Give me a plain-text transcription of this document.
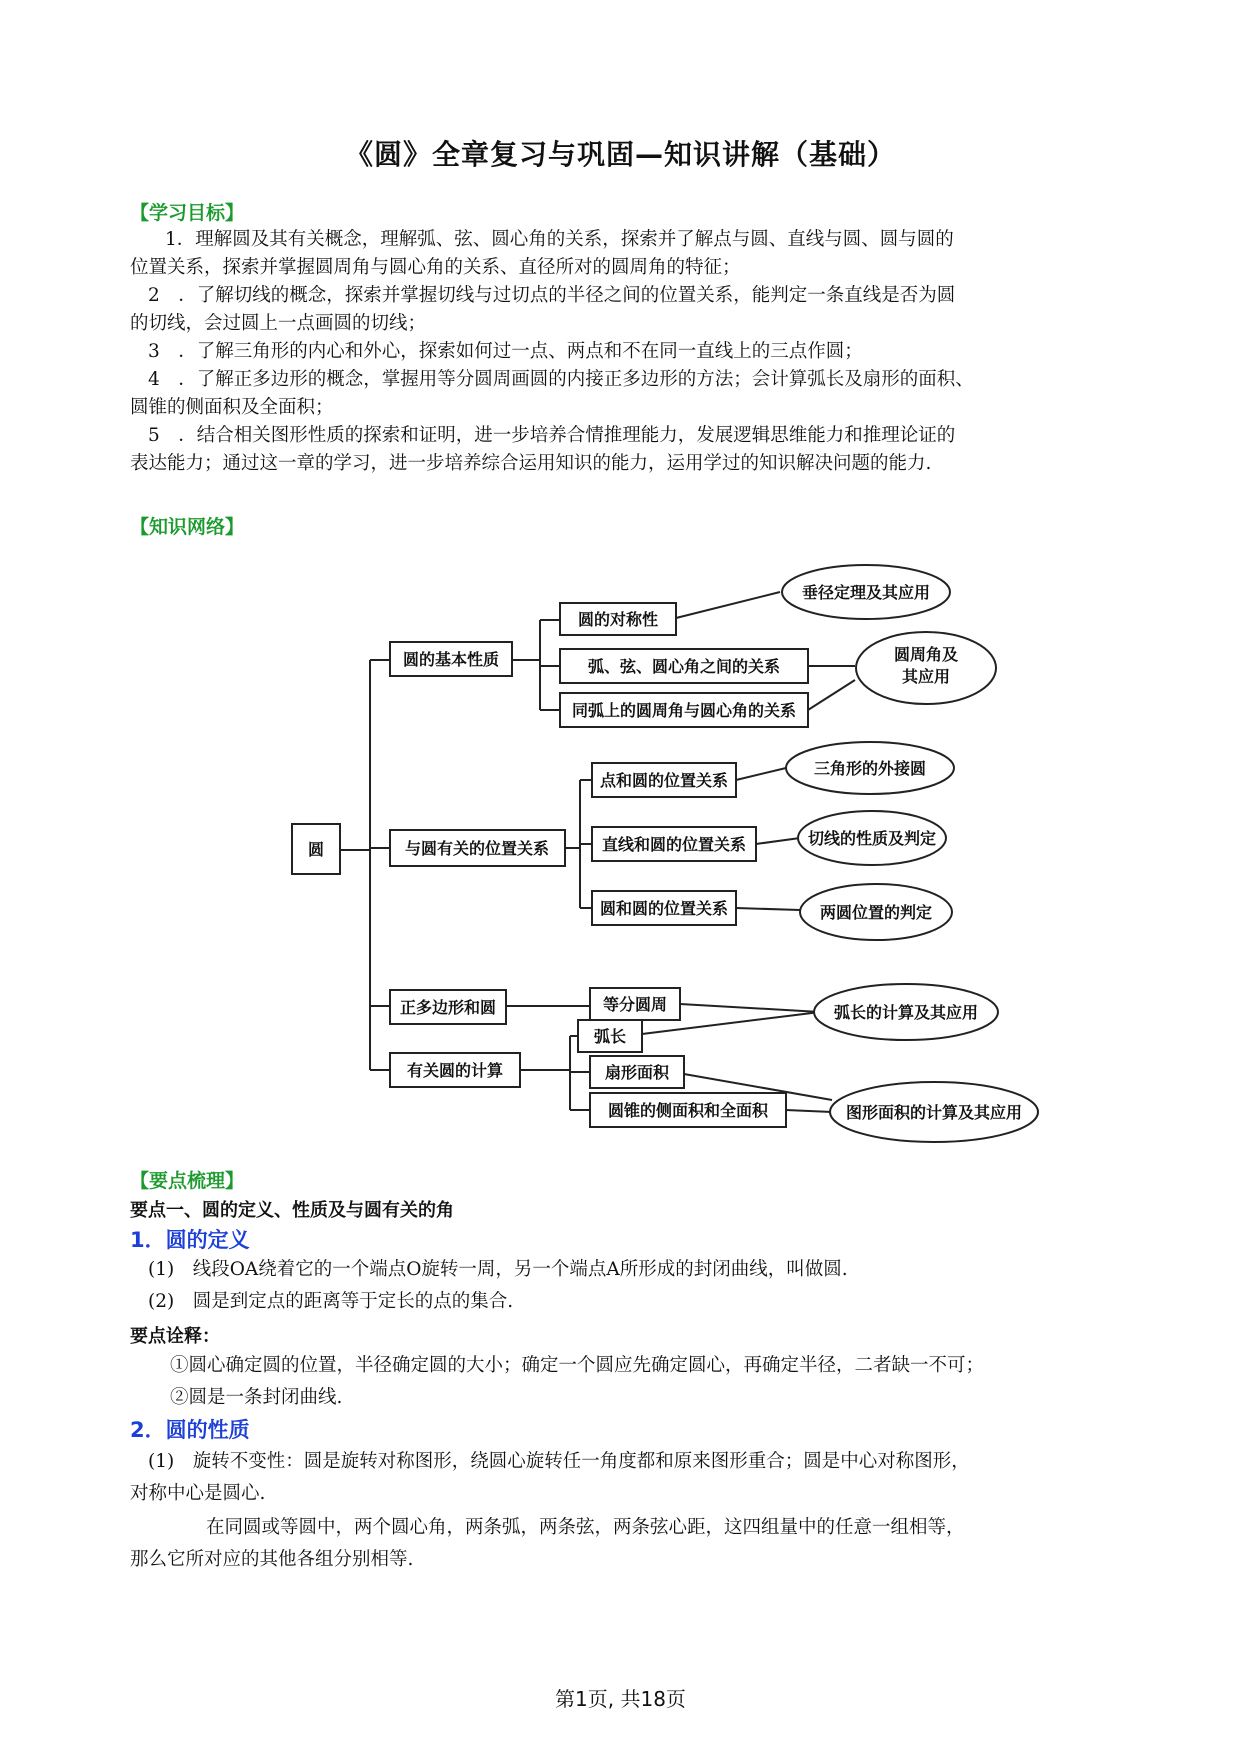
《圆》全章复习与巩固—知识讲解（基础）
【学习目标】
1．理解圆及其有关概念，理解弧、弦、圆心角的关系，探索并了解点与圆、直线与圆、圆与圆的
位置关系，探索并掌握圆周角与圆心角的关系、直径所对的圆周角的特征；
2　．了解切线的概念，探索并掌握切线与过切点的半径之间的位置关系，能判定一条直线是否为圆
的切线，会过圆上一点画圆的切线；
3　．了解三角形的内心和外心，探索如何过一点、两点和不在同一直线上的三点作圆；
4　．了解正多边形的概念，掌握用等分圆周画圆的内接正多边形的方法；会计算弧长及扇形的面积、
圆锥的侧面积及全面积；
5　．结合相关图形性质的探索和证明，进一步培养合情推理能力，发展逻辑思维能力和推理论证的
表达能力；通过这一章的学习，进一步培养综合运用知识的能力，运用学过的知识解决问题的能力.
【知识网络】
圆
圆的基本性质
与圆有关的位置关系
正多边形和圆
有关圆的计算
圆的对称性
弧、弦、圆心角之间的关系
同弧上的圆周角与圆心角的关系
点和圆的位置关系
直线和圆的位置关系
圆和圆的位置关系
等分圆周
弧长
扇形面积
圆锥的侧面积和全面积
垂径定理及其应用
圆周角及
其应用
三角形的外接圆
切线的性质及判定
两圆位置的判定
弧长的计算及其应用
图形面积的计算及其应用
【要点梳理】
要点一、圆的定义、性质及与圆有关的角
1．圆的定义
(1)　线段OA绕着它的一个端点O旋转一周，另一个端点A所形成的封闭曲线，叫做圆.
(2)　圆是到定点的距离等于定长的点的集合.
要点诠释：
①圆心确定圆的位置，半径确定圆的大小；确定一个圆应先确定圆心，再确定半径，二者缺一不可；
②圆是一条封闭曲线.
2．圆的性质
(1)　旋转不变性：圆是旋转对称图形，绕圆心旋转任一角度都和原来图形重合；圆是中心对称图形，
对称中心是圆心.
在同圆或等圆中，两个圆心角，两条弧，两条弦，两条弦心距，这四组量中的任意一组相等，
那么它所对应的其他各组分别相等.
第1页, 共18页
